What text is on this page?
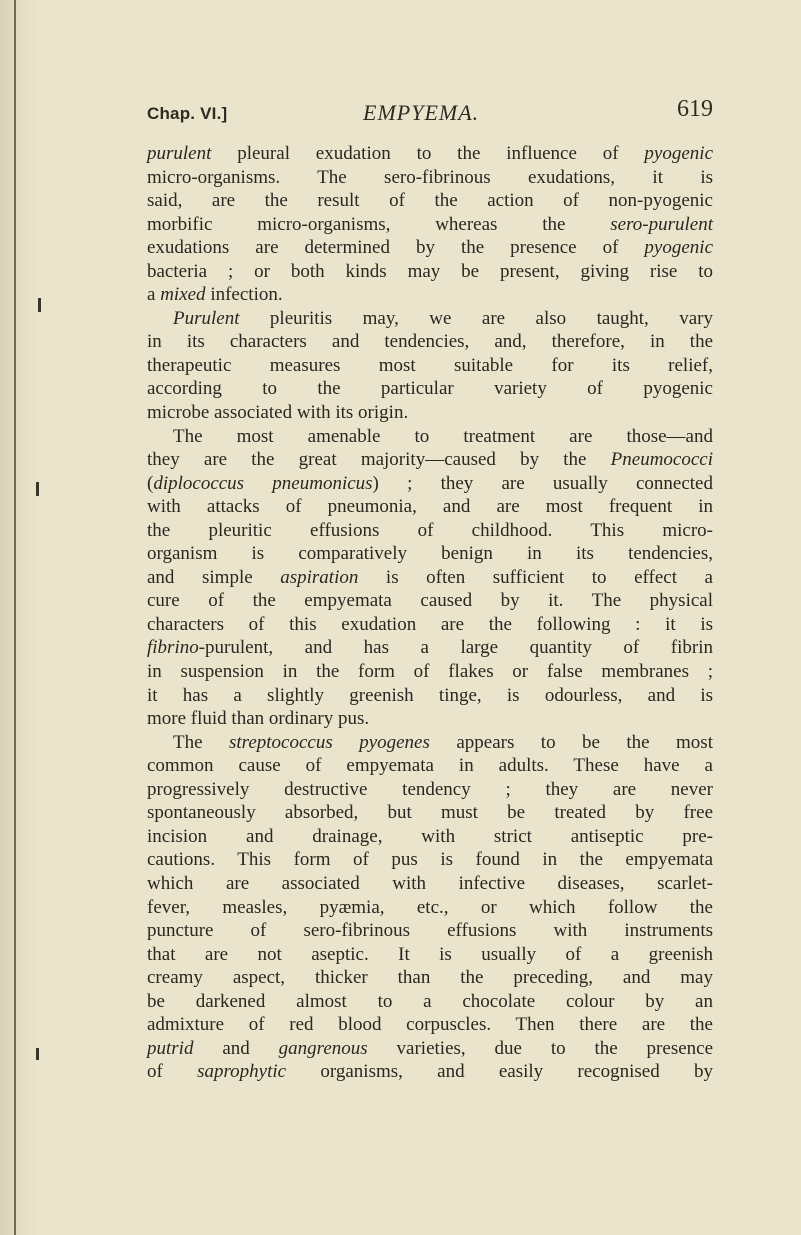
Chap. VI.]	EMPYEMA.	619
purulent pleural exudation to the influence of pyogenic
micro-organisms. The sero-fibrinous exudations, it is
said, are the result of the action of non-pyogenic
morbific micro-organisms, whereas the sero-purulent
exudations are determined by the presence of pyogenic
bacteria ; or both kinds may be present, giving rise to
a mixed infection.
Purulent pleuritis may, we are also taught, vary
in its characters and tendencies, and, therefore, in the
therapeutic measures most suitable for its relief,
according to the particular variety of pyogenic
microbe associated with its origin.
The most amenable to treatment are those—and
they are the great majority—caused by the Pneumococci
(diplococcus pneumonicus) ; they are usually connected
with attacks of pneumonia, and are most frequent in
the pleuritic effusions of childhood. This micro-
organism is comparatively benign in its tendencies,
and simple aspiration is often sufficient to effect a
cure of the empyemata caused by it. The physical
characters of this exudation are the following : it is
fibrino-purulent, and has a large quantity of fibrin
in suspension in the form of flakes or false membranes ;
it has a slightly greenish tinge, is odourless, and is
more fluid than ordinary pus.
The streptococcus pyogenes appears to be the most
common cause of empyemata in adults. These have a
progressively destructive tendency ; they are never
spontaneously absorbed, but must be treated by free
incision and drainage, with strict antiseptic pre-
cautions. This form of pus is found in the empyemata
which are associated with infective diseases, scarlet-
fever, measles, pyæmia, etc., or which follow the
puncture of sero-fibrinous effusions with instruments
that are not aseptic. It is usually of a greenish
creamy aspect, thicker than the preceding, and may
be darkened almost to a chocolate colour by an
admixture of red blood corpuscles. Then there are the
putrid and gangrenous varieties, due to the presence
of saprophytic organisms, and easily recognised by
